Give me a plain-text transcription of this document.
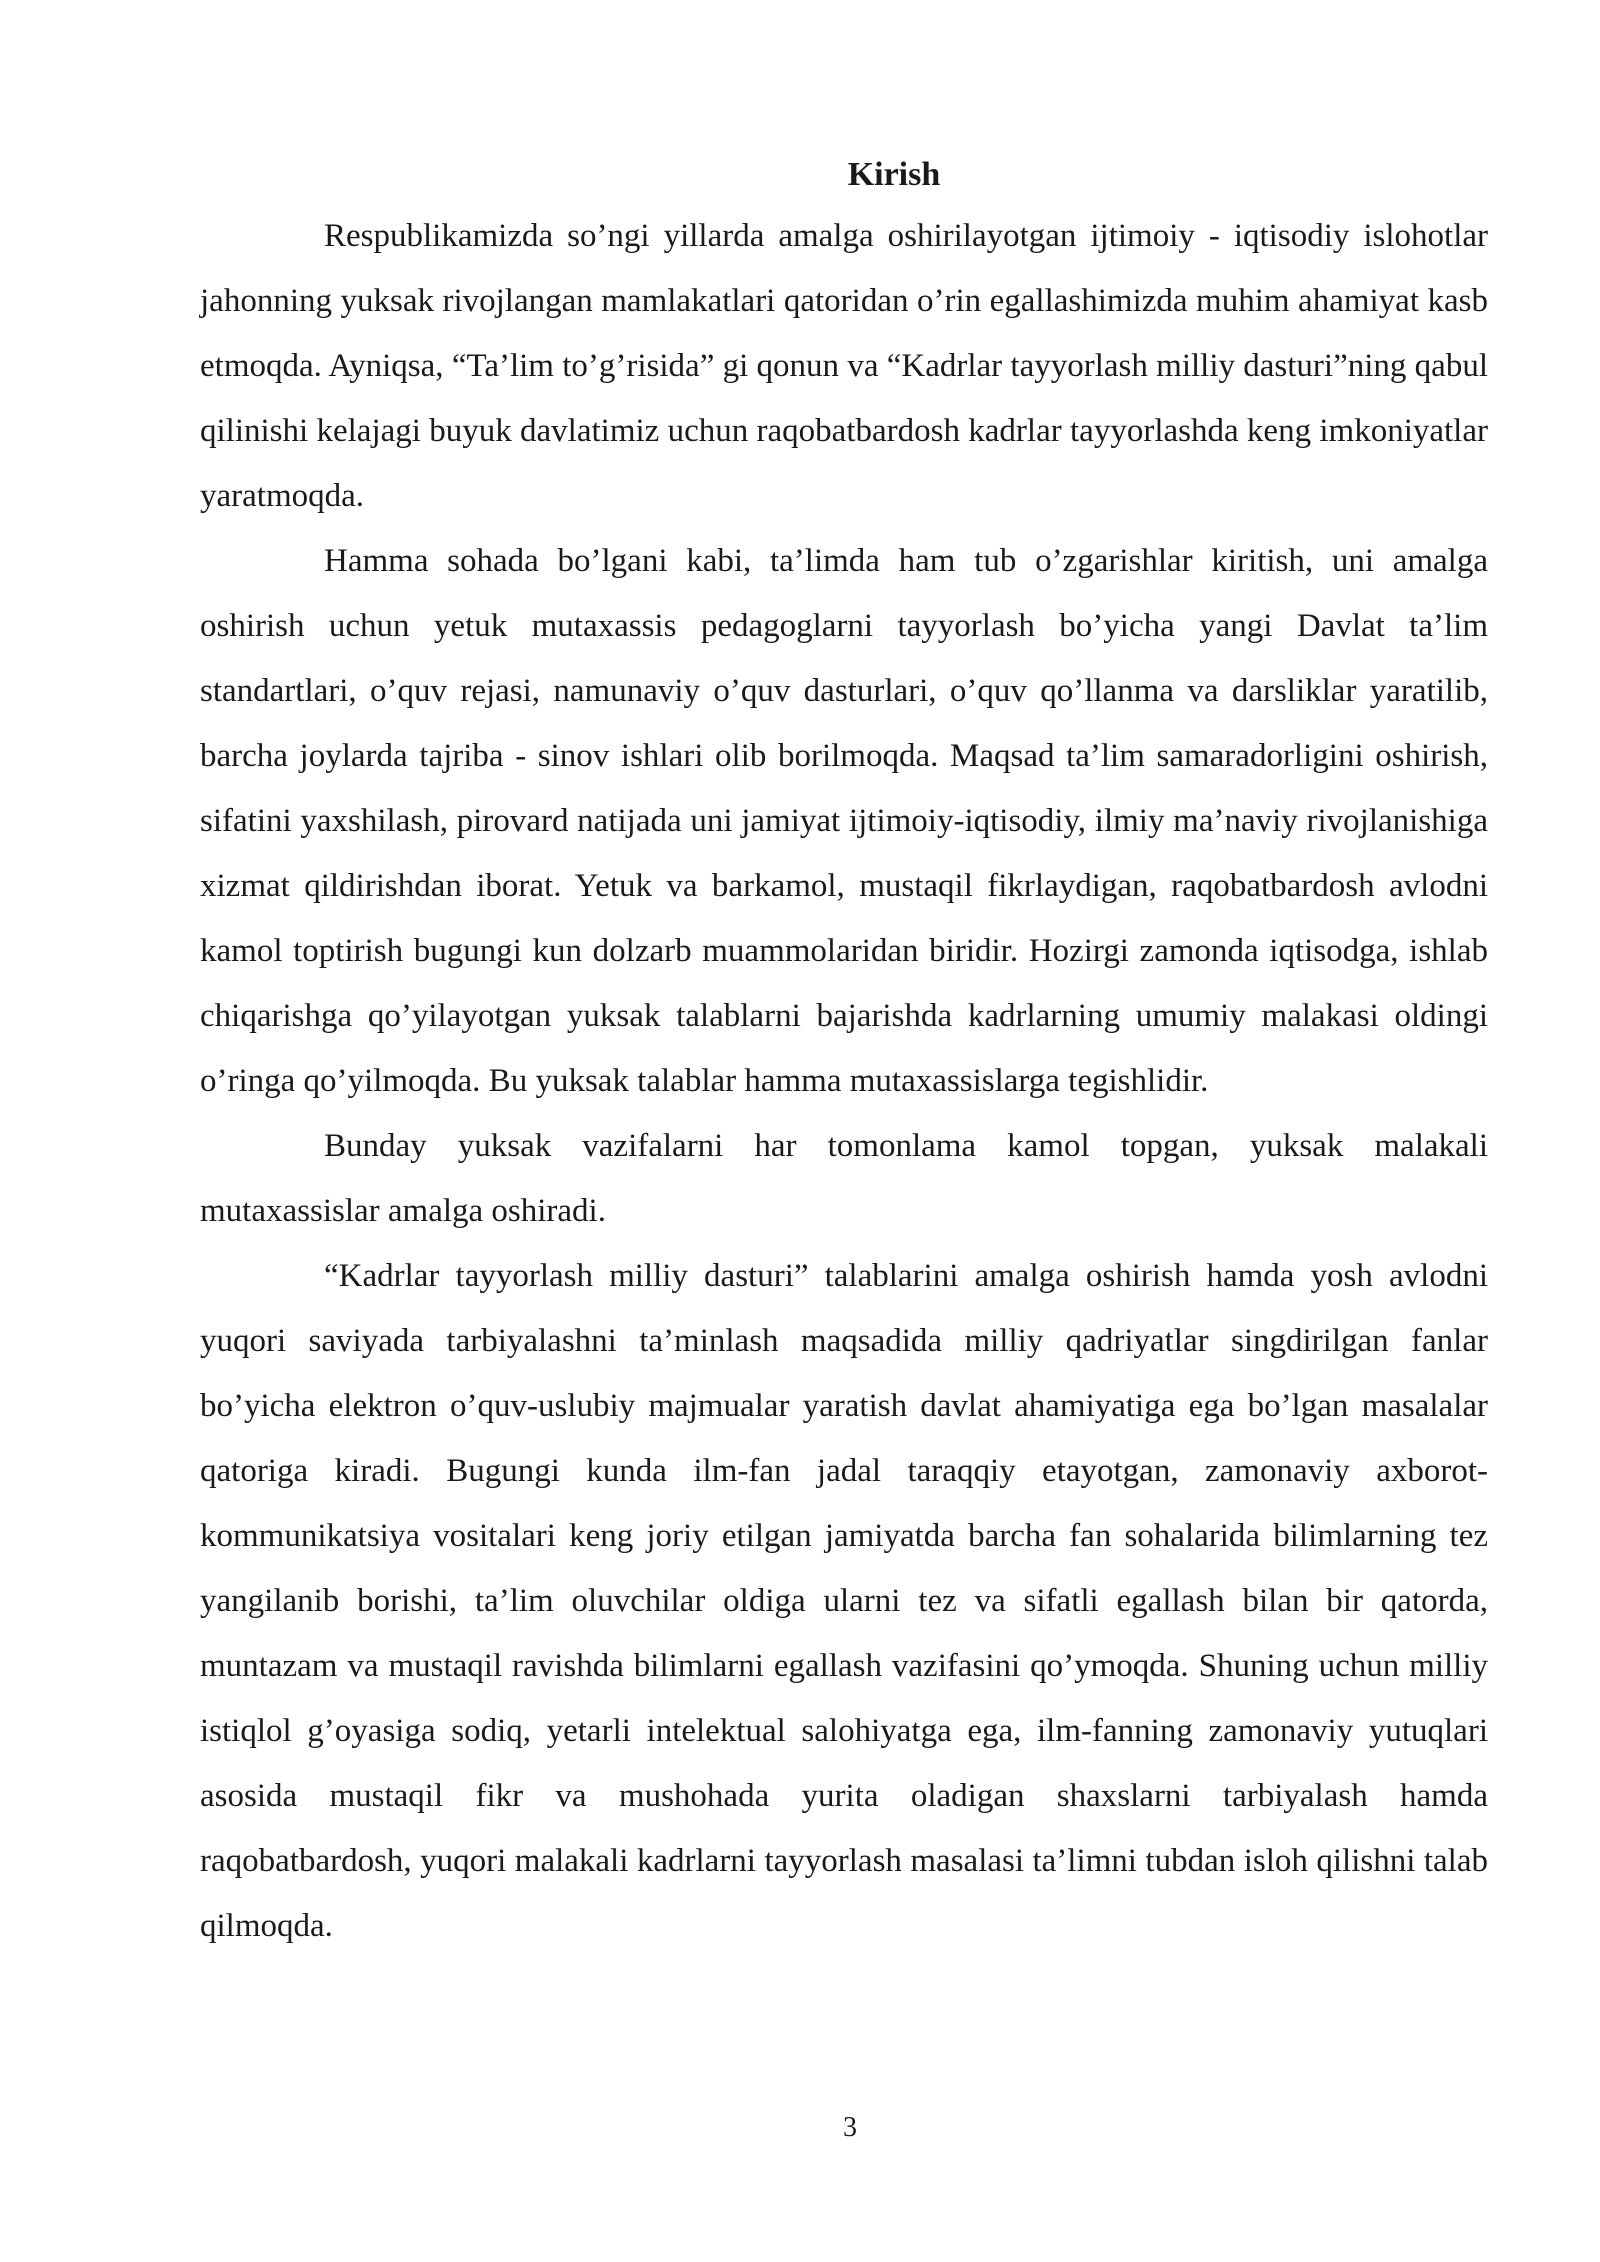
Kirish

Respublikamizda so’ngi yillarda amalga oshirilayotgan ijtimoiy - iqtisodiy islohotlar jahonning yuksak rivojlangan mamlakatlari qatoridan o’rin egallashimizda muhim ahamiyat kasb etmoqda. Ayniqsa, “Ta’lim to’g’risida” gi qonun va “Kadrlar tayyorlash milliy dasturi”ning qabul qilinishi kelajagi buyuk davlatimiz uchun raqobatbardosh kadrlar tayyorlashda keng imkoniyatlar yaratmoqda.

Hamma sohada bo’lgani kabi, ta’limda ham tub o’zgarishlar kiritish, uni amalga oshirish uchun yetuk mutaxassis pedagoglarni tayyorlash bo’yicha yangi Davlat ta’lim standartlari, o’quv rejasi, namunaviy o’quv dasturlari, o’quv qo’llanma va darsliklar yaratilib, barcha joylarda tajriba - sinov ishlari olib borilmoqda. Maqsad ta’lim samaradorligini oshirish, sifatini yaxshilash, pirovard natijada uni jamiyat ijtimoiy-iqtisodiy, ilmiy ma’naviy rivojlanishiga xizmat qildirishdan iborat. Yetuk va barkamol, mustaqil fikrlaydigan, raqobatbardosh avlodni kamol toptirish bugungi kun dolzarb muammolaridan biridir. Hozirgi zamonda iqtisodga, ishlab chiqarishga qo’yilayotgan yuksak talablarni bajarishda kadrlarning umumiy malakasi oldingi o’ringa qo’yilmoqda. Bu yuksak talablar hamma mutaxassislarga tegishlidir.

Bunday yuksak vazifalarni har tomonlama kamol topgan, yuksak malakali mutaxassislar amalga oshiradi.

“Kadrlar tayyorlash milliy dasturi” talablarini amalga oshirish hamda yosh avlodni yuqori saviyada tarbiyalashni ta’minlash maqsadida milliy qadriyatlar singdirilgan fanlar bo’yicha elektron o’quv-uslubiy majmualar yaratish davlat ahamiyatiga ega bo’lgan masalalar qatoriga kiradi. Bugungi kunda ilm-fan jadal taraqqiy etayotgan, zamonaviy axborot-kommunikatsiya vositalari keng joriy etilgan jamiyatda barcha fan sohalarida bilimlarning tez yangilanib borishi, ta’lim oluvchilar oldiga ularni tez va sifatli egallash bilan bir qatorda, muntazam va mustaqil ravishda bilimlarni egallash vazifasini qo’ymoqda. Shuning uchun milliy istiqlol g’oyasiga sodiq, yetarli intelektual salohiyatga ega, ilm-fanning zamonaviy yutuqlari asosida mustaqil fikr va mushohada yurita oladigan shaxslarni tarbiyalash hamda raqobatbardosh, yuqori malakali kadrlarni tayyorlash masalasi ta’limni tubdan isloh qilishni talab qilmoqda.

3
